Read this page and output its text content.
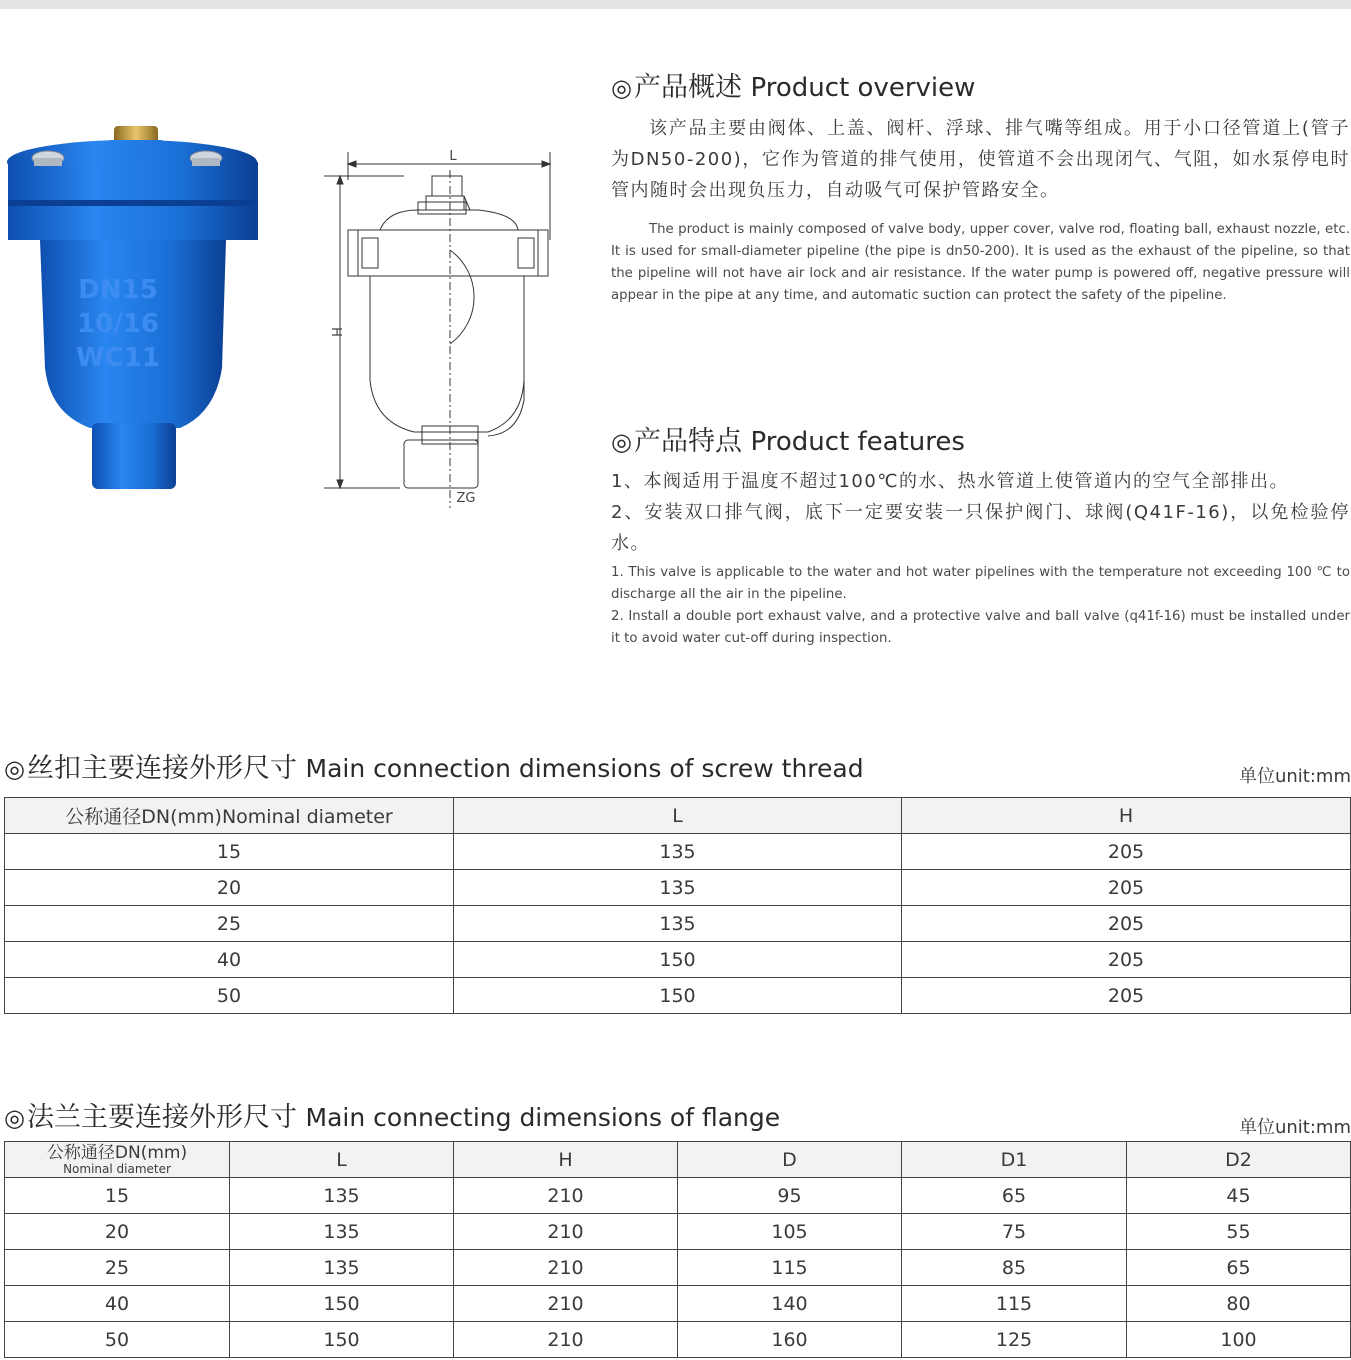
DN15
10/16
WC11
L
H
ZG
◎产品概述 Product overview
该产品主要由阀体、上盖、阀杆、浮球、排气嘴等组成。用于小口径管道上(管子为DN50-200)，它作为管道的排气使用，使管道不会出现闭气、气阻，如水泵停电时管内随时会出现负压力，自动吸气可保护管路安全。
The product is mainly composed of valve body, upper cover, valve rod, floating ball, exhaust nozzle, etc. It is used for small-diameter pipeline (the pipe is dn50-200). It is used as the exhaust of the pipeline, so that the pipeline will not have air lock and air resistance. If the water pump is powered off, negative pressure will appear in the pipe at any time, and automatic suction can protect the safety of the pipeline.
◎产品特点 Product features
1、本阀适用于温度不超过100℃的水、热水管道上使管道内的空气全部排出。
2、安装双口排气阀，底下一定要安装一只保护阀门、球阀(Q41F-16)，以免检验停水。
1. This valve is applicable to the water and hot water pipelines with the temperature not exceeding 100 ℃ to discharge all the air in the pipeline.
2. Install a double port exhaust valve, and a protective valve and ball valve (q41f-16) must be installed under it to avoid water cut-off during inspection.
◎丝扣主要连接外形尺寸 Main connection dimensions of screw thread	单位unit:mm
公称通径DN(mm)Nominal diameter	L	H
15	135	205
20	135	205
25	135	205
40	150	205
50	150	205
◎法兰主要连接外形尺寸 Main connecting dimensions of flange	单位unit:mm
公称通径DN(mm)
Nominal diameter	L	H	D	D1	D2
15	135	210	95	65	45
20	135	210	105	75	55
25	135	210	115	85	65
40	150	210	140	115	80
50	150	210	160	125	100
